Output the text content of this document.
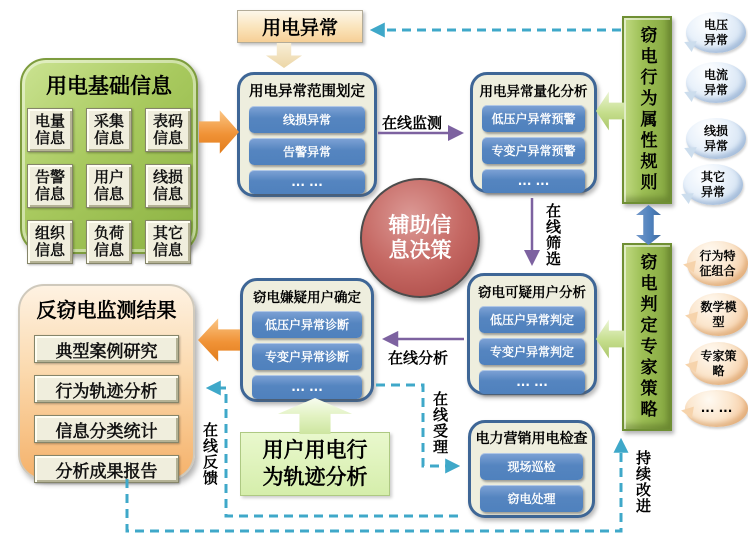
用电基础信息
电量信息
采集信息
表码信息
告警信息
用户信息
线损信息
组织信息
负荷信息
其它信息
用电异常
用电异常范围划定
线损异常
告警异常
... ...
用电异常量化分析
低压户异常预警
专变户异常预警
... ...
窃电嫌疑用户确定
低压户异常诊断
专变户异常诊断
... ...
窃电可疑用户分析
低压户异常判定
专变户异常判定
... ...
电力营销用电检查
现场巡检
窃电处理
反窃电监测结果
典型案例研究
行为轨迹分析
信息分类统计
分析成果报告
用户用电行为轨迹分析
辅助信息决策
窃电行为属性规则
窃电判定专家策略
电压异常
电流异常
线损异常
其它异常
行为特征组合
数学模型
专家策略
... ...
在线监测
在线筛选
在线分析
在线受理
在线反馈	持续改进
